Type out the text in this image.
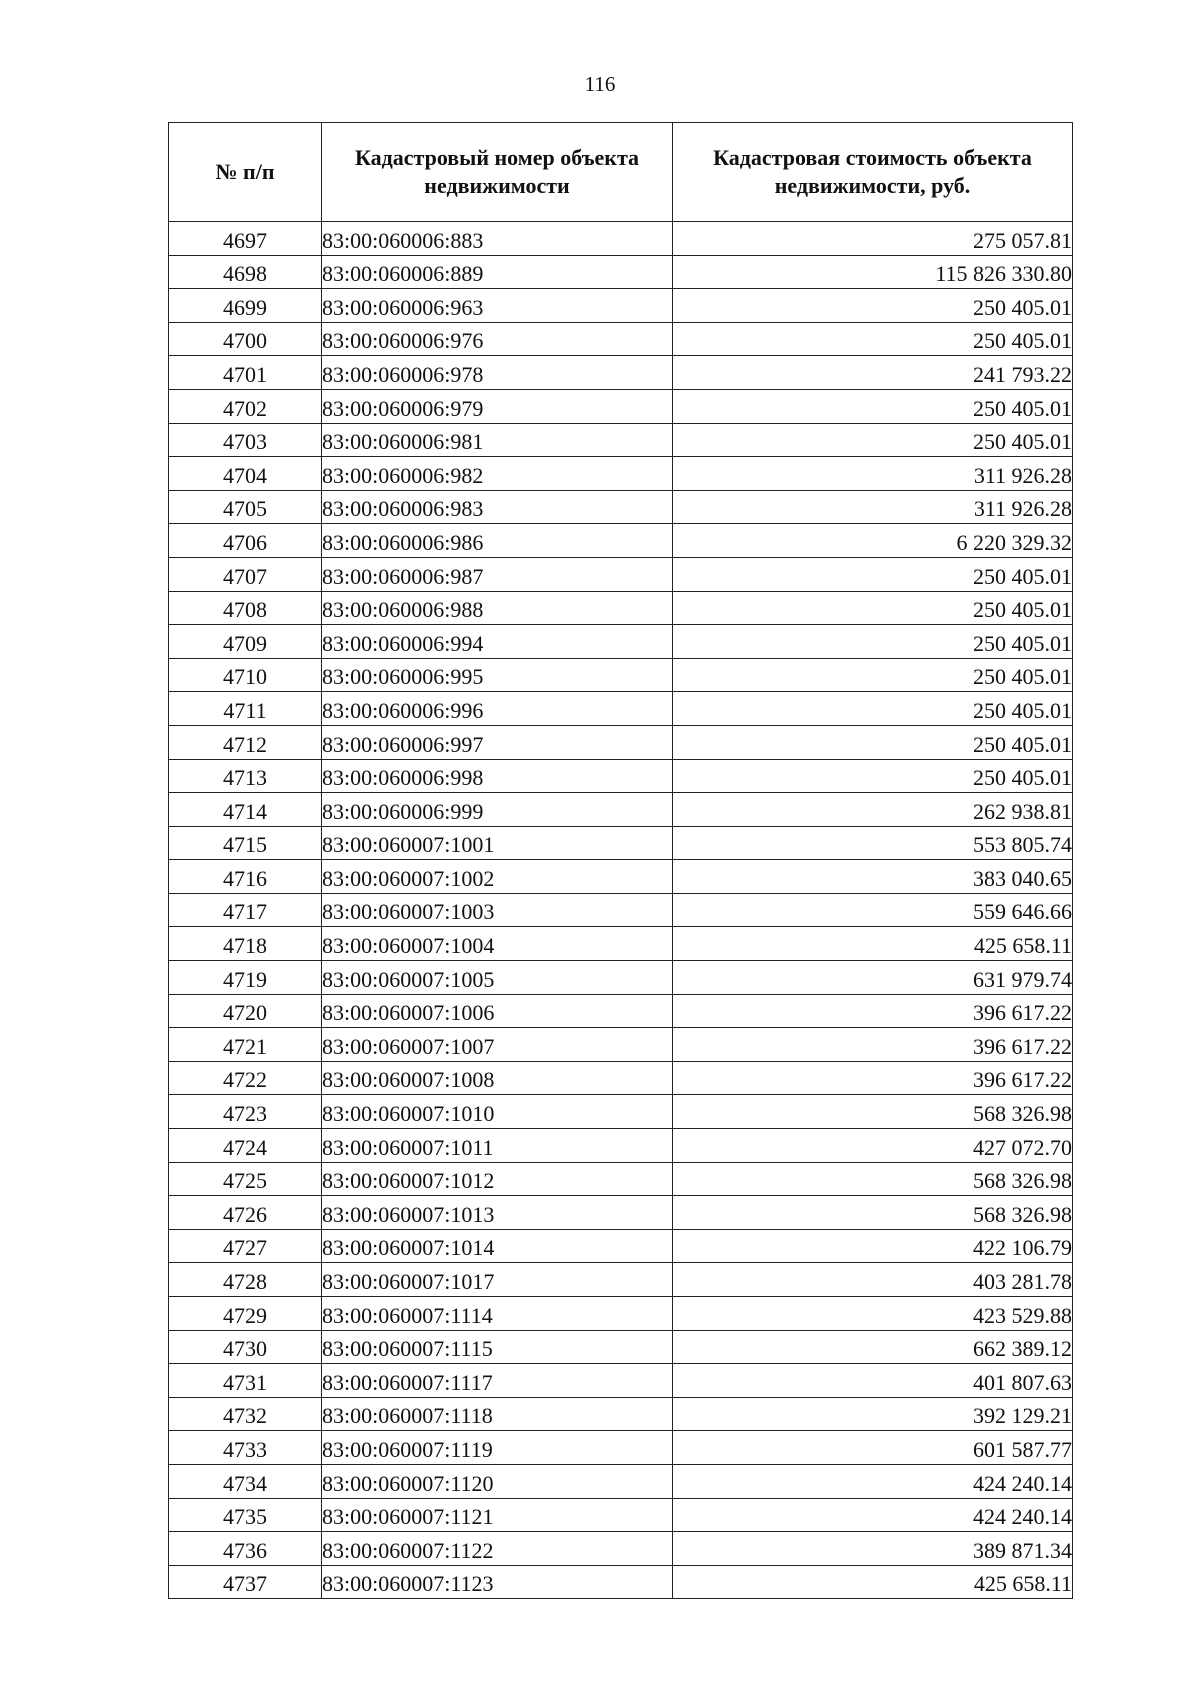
116
№ п/п	Кадастровый номер объекта недвижимости	Кадастровая стоимость объекта недвижимости, руб.
4697	83:00:060006:883	275 057.81
4698	83:00:060006:889	115 826 330.80
4699	83:00:060006:963	250 405.01
4700	83:00:060006:976	250 405.01
4701	83:00:060006:978	241 793.22
4702	83:00:060006:979	250 405.01
4703	83:00:060006:981	250 405.01
4704	83:00:060006:982	311 926.28
4705	83:00:060006:983	311 926.28
4706	83:00:060006:986	6 220 329.32
4707	83:00:060006:987	250 405.01
4708	83:00:060006:988	250 405.01
4709	83:00:060006:994	250 405.01
4710	83:00:060006:995	250 405.01
4711	83:00:060006:996	250 405.01
4712	83:00:060006:997	250 405.01
4713	83:00:060006:998	250 405.01
4714	83:00:060006:999	262 938.81
4715	83:00:060007:1001	553 805.74
4716	83:00:060007:1002	383 040.65
4717	83:00:060007:1003	559 646.66
4718	83:00:060007:1004	425 658.11
4719	83:00:060007:1005	631 979.74
4720	83:00:060007:1006	396 617.22
4721	83:00:060007:1007	396 617.22
4722	83:00:060007:1008	396 617.22
4723	83:00:060007:1010	568 326.98
4724	83:00:060007:1011	427 072.70
4725	83:00:060007:1012	568 326.98
4726	83:00:060007:1013	568 326.98
4727	83:00:060007:1014	422 106.79
4728	83:00:060007:1017	403 281.78
4729	83:00:060007:1114	423 529.88
4730	83:00:060007:1115	662 389.12
4731	83:00:060007:1117	401 807.63
4732	83:00:060007:1118	392 129.21
4733	83:00:060007:1119	601 587.77
4734	83:00:060007:1120	424 240.14
4735	83:00:060007:1121	424 240.14
4736	83:00:060007:1122	389 871.34
4737	83:00:060007:1123	425 658.11
